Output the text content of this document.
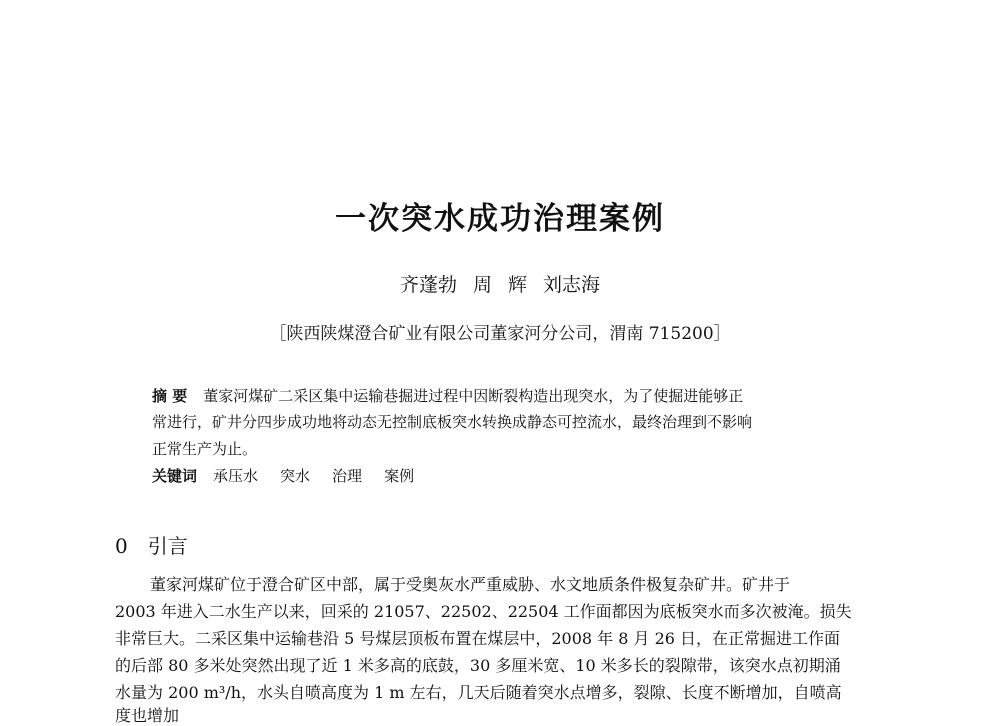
一次突水成功治理案例
齐蓬勃 周 辉 刘志海
［陕西陕煤澄合矿业有限公司董家河分公司，渭南 715200］
摘 要 董家河煤矿二采区集中运输巷掘进过程中因断裂构造出现突水，为了使掘进能够正
常进行，矿井分四步成功地将动态无控制底板突水转换成静态可控流水，最终治理到不影响
正常生产为止。
关键词 承压水 突水 治理 案例
0 引言
董家河煤矿位于澄合矿区中部，属于受奥灰水严重威胁、水文地质条件极复杂矿井。矿井于
2003 年进入二水生产以来，回采的 21057、22502、22504 工作面都因为底板突水而多次被淹。损失
非常巨大。二采区集中运输巷沿 5 号煤层顶板布置在煤层中，2008 年 8 月 26 日，在正常掘进工作面
的后部 80 多米处突然出现了近 1 米多高的底鼓，30 多厘米宽、10 米多长的裂隙带，该突水点初期涌
水量为 200 m³/h，水头自喷高度为 1 m 左右，几天后随着突水点增多，裂隙、长度不断增加，自喷高
度也增加
